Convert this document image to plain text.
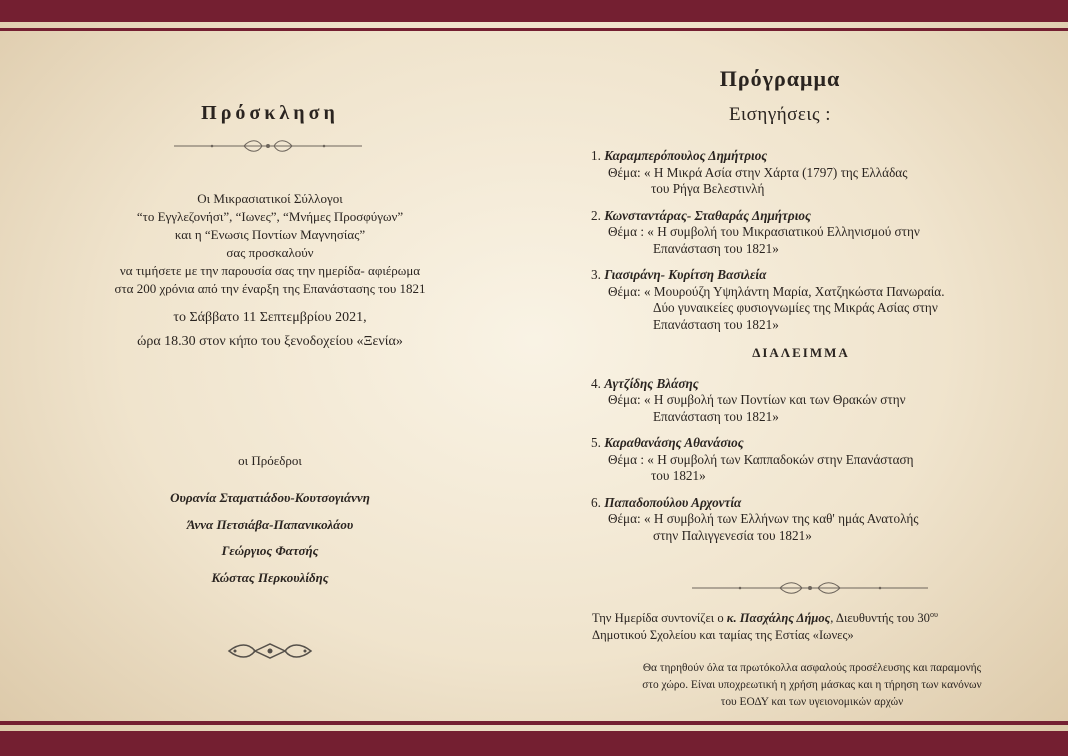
Πρόσκληση
Οι Μικρασιατικοί Σύλλογοι
“το Εγγλεζονήσι”, “Ιωνες”, “Μνήμες Προσφύγων”
και η “Ενωσις Ποντίων Μαγνησίας”
σας προσκαλούν
να τιμήσετε με την παρουσία σας την ημερίδα- αφιέρωμα
στα 200 χρόνια από την έναρξη της Επανάστασης του 1821
το Σάββατο 11 Σεπτεμβρίου 2021,
ώρα 18.30 στον κήπο του ξενοδοχείου «Ξενία»
οι Πρόεδροι
Ουρανία Σταματιάδου-Κουτσογιάννη
Άννα Πετσιάβα-Παπανικολάου
Γεώργιος Φατσής
Κώστας Περκουλίδης
Πρόγραμμα
Εισηγήσεις :
1. Καραμπερόπουλος Δημήτριος
Θέμα: « Η Μικρά Ασία στην Χάρτα (1797) της Ελλάδας
του Ρήγα Βελεστινλή
2. Κωνσταντάρας- Σταθαράς Δημήτριος
Θέμα : « Η συμβολή του Μικρασιατικού Ελληνισμού στην
Επανάσταση του 1821»
3. Γιασιράνη- Κυρίτση Βασιλεία
Θέμα: « Μουρούζη Υψηλάντη Μαρία, Χατζηκώστα Πανωραία.
Δύο γυναικείες φυσιογνωμίες της Μικράς Ασίας στην
Επανάσταση του 1821»
ΔΙΑΛΕΙΜΜΑ
4. Αγτζίδης Βλάσης
Θέμα: « Η συμβολή των Ποντίων και των Θρακών στην
Επανάσταση του 1821»
5. Καραθανάσης Αθανάσιος
Θέμα : « Η συμβολή των Καππαδοκών στην Επανάσταση
του 1821»
6. Παπαδοπούλου Αρχοντία
Θέμα: « Η συμβολή των Ελλήνων της καθ' ημάς Ανατολής
στην Παλιγγενεσία του 1821»
Την Ημερίδα συντονίζει ο κ. Πασχάλης Δήμος, Διευθυντής του $30^{o\upsilon}$
Δημοτικού Σχολείου και ταμίας της Εστίας «Ιωνες»
Θα τηρηθούν όλα τα πρωτόκολλα ασφαλούς προσέλευσης και παραμονής
στο χώρο. Είναι υποχρεωτική η χρήση μάσκας και η τήρηση των κανόνων
του ΕΟΔΥ και των υγειονομικών αρχών
